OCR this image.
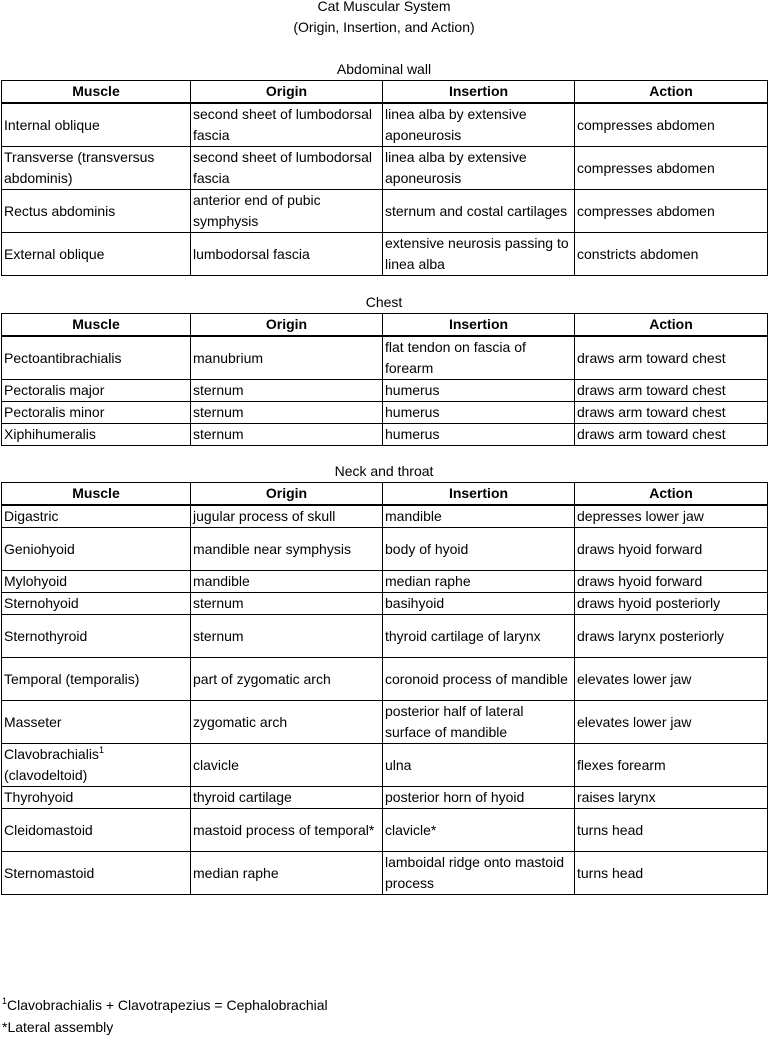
Cat Muscular System
(Origin, Insertion, and Action)
Abdominal wall
Muscle	Origin	Insertion	Action
Internal oblique	second sheet of lumbodorsal fascia	linea alba by extensive aponeurosis	compresses abdomen
Transverse (transversus abdominis)	second sheet of lumbodorsal fascia	linea alba by extensive aponeurosis	compresses abdomen
Rectus abdominis	anterior end of pubic symphysis	sternum and costal cartilages	compresses abdomen
External oblique	lumbodorsal fascia	extensive neurosis passing to linea alba	constricts abdomen
Chest
Muscle	Origin	Insertion	Action
Pectoantibrachialis	manubrium	flat tendon on fascia of forearm	draws arm toward chest
Pectoralis major	sternum	humerus	draws arm toward chest
Pectoralis minor	sternum	humerus	draws arm toward chest
Xiphihumeralis	sternum	humerus	draws arm toward chest
Neck and throat
Muscle	Origin	Insertion	Action
Digastric	jugular process of skull	mandible	depresses lower jaw
Geniohyoid	mandible near symphysis	body of hyoid	draws hyoid forward
Mylohyoid	mandible	median raphe	draws hyoid forward
Sternohyoid	sternum	basihyoid	draws hyoid posteriorly
Sternothyroid	sternum	thyroid cartilage of larynx	draws larynx posteriorly
Temporal (temporalis)	part of zygomatic arch	coronoid process of mandible	elevates lower jaw
Masseter	zygomatic arch	posterior half of lateral surface of mandible	elevates lower jaw
Clavobrachialis$^1$
(clavodeltoid)	clavicle	ulna	flexes forearm
Thyrohyoid	thyroid cartilage	posterior horn of hyoid	raises larynx
Cleidomastoid	mastoid process of temporal*	clavicle*	turns head
Sternomastoid	median raphe	lamboidal ridge onto mastoid process	turns head
$^1$Clavobrachialis + Clavotrapezius = Cephalobrachial
*Lateral assembly
